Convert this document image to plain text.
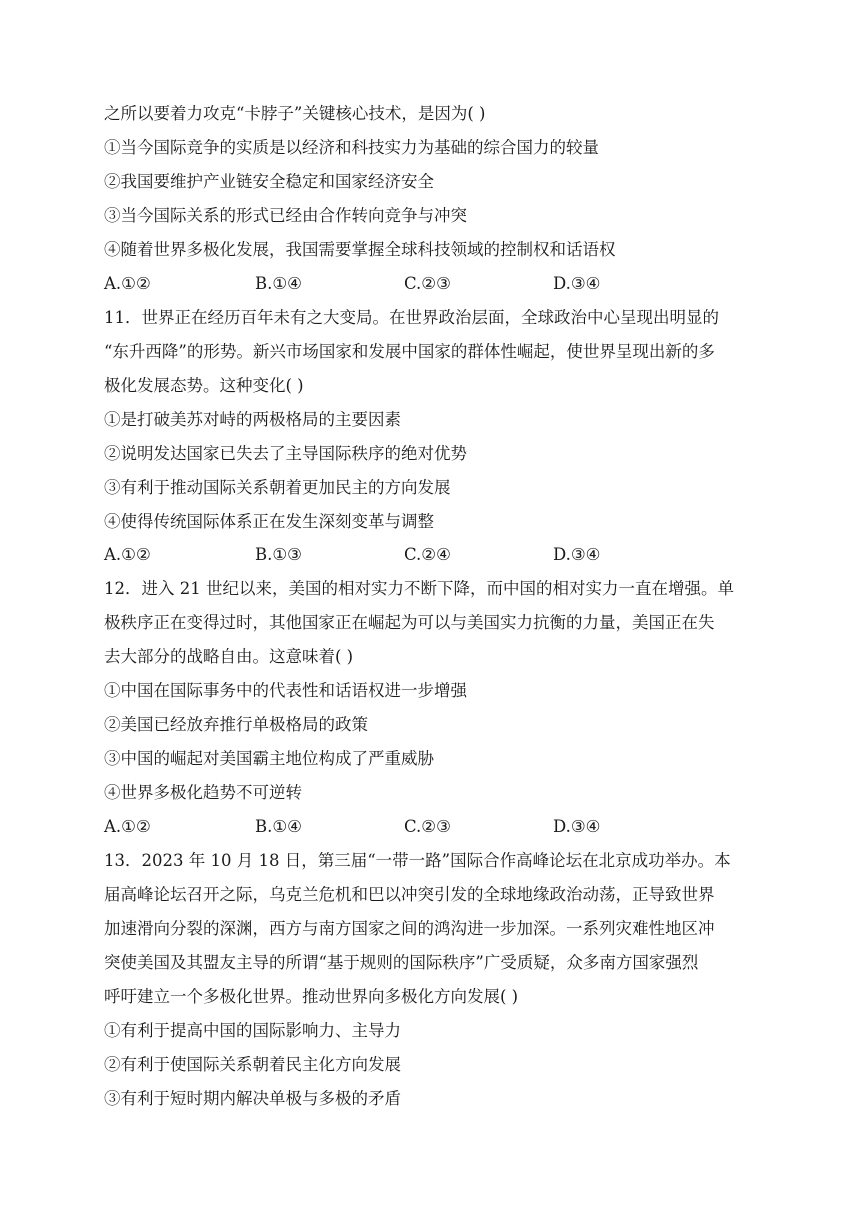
之所以要着力攻克“卡脖子”关键核心技术，是因为( )
①当今国际竞争的实质是以经济和科技实力为基础的综合国力的较量
②我国要维护产业链安全稳定和国家经济安全
③当今国际关系的形式已经由合作转向竞争与冲突
④随着世界多极化发展，我国需要掌握全球科技领域的控制权和话语权
A.①②	B.①④	C.②③	D.③④
11．世界正在经历百年未有之大变局。在世界政治层面，全球政治中心呈现出明显的
“东升西降”的形势。新兴市场国家和发展中国家的群体性崛起，使世界呈现出新的多
极化发展态势。这种变化( )
①是打破美苏对峙的两极格局的主要因素
②说明发达国家已失去了主导国际秩序的绝对优势
③有利于推动国际关系朝着更加民主的方向发展
④使得传统国际体系正在发生深刻变革与调整
A.①②	B.①③	C.②④	D.③④
12．进入 21 世纪以来，美国的相对实力不断下降，而中国的相对实力一直在增强。单
极秩序正在变得过时，其他国家正在崛起为可以与美国实力抗衡的力量，美国正在失
去大部分的战略自由。这意味着( )
①中国在国际事务中的代表性和话语权进一步增强
②美国已经放弃推行单极格局的政策
③中国的崛起对美国霸主地位构成了严重威胁
④世界多极化趋势不可逆转
A.①②	B.①④	C.②③	D.③④
13．2023 年 10 月 18 日，第三届“一带一路”国际合作高峰论坛在北京成功举办。本
届高峰论坛召开之际，乌克兰危机和巴以冲突引发的全球地缘政治动荡，正导致世界
加速滑向分裂的深渊，西方与南方国家之间的鸿沟进一步加深。一系列灾难性地区冲
突使美国及其盟友主导的所谓“基于规则的国际秩序”广受质疑，众多南方国家强烈
呼吁建立一个多极化世界。推动世界向多极化方向发展( )
①有利于提高中国的国际影响力、主导力
②有利于使国际关系朝着民主化方向发展
③有利于短时期内解决单极与多极的矛盾
